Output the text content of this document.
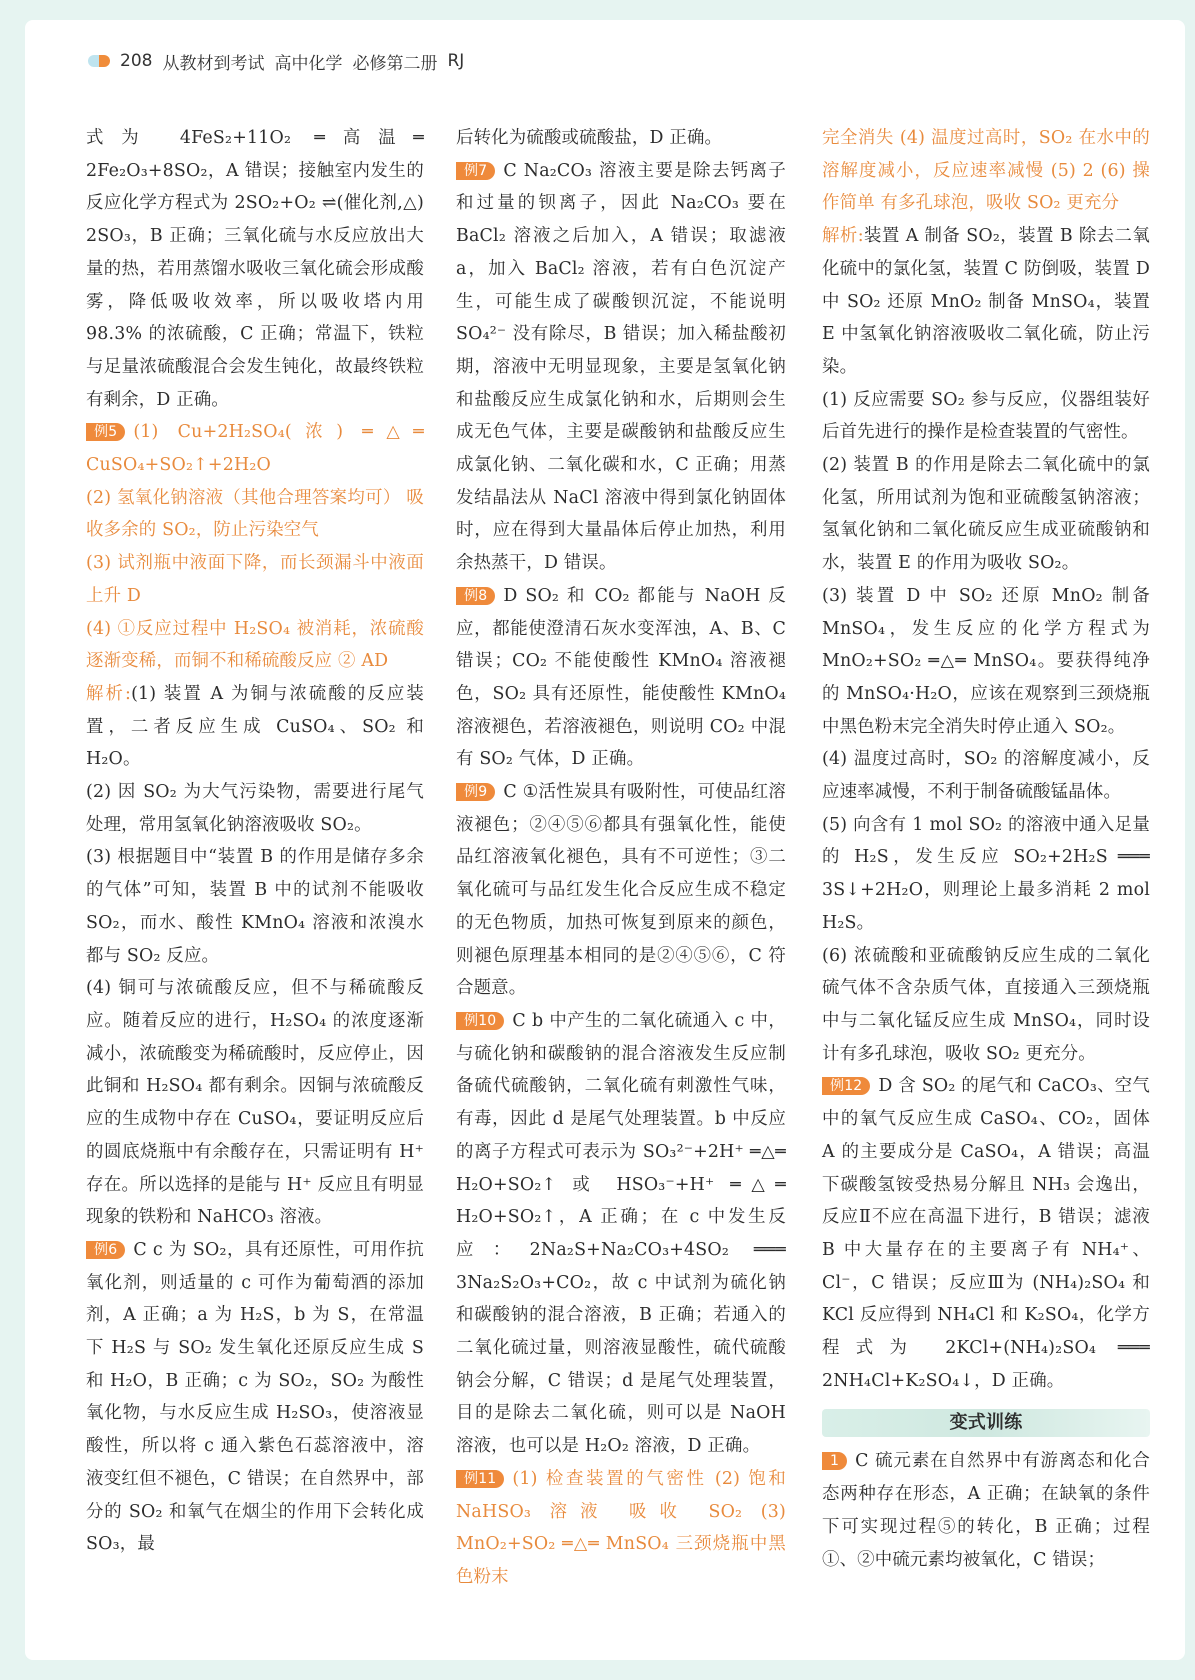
208 从教材到考试 高中化学 必修第二册 RJ

式为 4FeS₂+11O₂ ═高温═ 2Fe₂O₃+8SO₂，A 错误；接触室内发生的反应化学方程式为 2SO₂+O₂ ⇌(催化剂,△) 2SO₃，B 正确；三氧化硫与水反应放出大量的热，若用蒸馏水吸收三氧化硫会形成酸雾，降低吸收效率，所以吸收塔内用 98.3% 的浓硫酸，C 正确；常温下，铁粒与足量浓硫酸混合会发生钝化，故最终铁粒有剩余，D 正确。

例5 (1) Cu+2H₂SO₄(浓) ═△═ CuSO₄+SO₂↑+2H₂O

(2) 氢氧化钠溶液（其他合理答案均可） 吸收多余的 SO₂，防止污染空气

(3) 试剂瓶中液面下降，而长颈漏斗中液面上升 D

(4) ①反应过程中 H₂SO₄ 被消耗，浓硫酸逐渐变稀，而铜不和稀硫酸反应 ② AD

解析:(1) 装置 A 为铜与浓硫酸的反应装置，二者反应生成 CuSO₄、SO₂ 和 H₂O。

(2) 因 SO₂ 为大气污染物，需要进行尾气处理，常用氢氧化钠溶液吸收 SO₂。

(3) 根据题目中“装置 B 的作用是储存多余的气体”可知，装置 B 中的试剂不能吸收 SO₂，而水、酸性 KMnO₄ 溶液和浓溴水都与 SO₂ 反应。

(4) 铜可与浓硫酸反应，但不与稀硫酸反应。随着反应的进行，H₂SO₄ 的浓度逐渐减小，浓硫酸变为稀硫酸时，反应停止，因此铜和 H₂SO₄ 都有剩余。因铜与浓硫酸反应的生成物中存在 CuSO₄，要证明反应后的圆底烧瓶中有余酸存在，只需证明有 H⁺ 存在。所以选择的是能与 H⁺ 反应且有明显现象的铁粉和 NaHCO₃ 溶液。

例6 C c 为 SO₂，具有还原性，可用作抗氧化剂，则适量的 c 可作为葡萄酒的添加剂，A 正确；a 为 H₂S，b 为 S，在常温下 H₂S 与 SO₂ 发生氧化还原反应生成 S 和 H₂O，B 正确；c 为 SO₂，SO₂ 为酸性氧化物，与水反应生成 H₂SO₃，使溶液显酸性，所以将 c 通入紫色石蕊溶液中，溶液变红但不褪色，C 错误；在自然界中，部分的 SO₂ 和氧气在烟尘的作用下会转化成 SO₃，最

后转化为硫酸或硫酸盐，D 正确。

例7 C Na₂CO₃ 溶液主要是除去钙离子和过量的钡离子，因此 Na₂CO₃ 要在 BaCl₂ 溶液之后加入，A 错误；取滤液 a，加入 BaCl₂ 溶液，若有白色沉淀产生，可能生成了碳酸钡沉淀，不能说明 SO₄²⁻ 没有除尽，B 错误；加入稀盐酸初期，溶液中无明显现象，主要是氢氧化钠和盐酸反应生成氯化钠和水，后期则会生成无色气体，主要是碳酸钠和盐酸反应生成氯化钠、二氧化碳和水，C 正确；用蒸发结晶法从 NaCl 溶液中得到氯化钠固体时，应在得到大量晶体后停止加热，利用余热蒸干，D 错误。

例8 D SO₂ 和 CO₂ 都能与 NaOH 反应，都能使澄清石灰水变浑浊，A、B、C 错误；CO₂ 不能使酸性 KMnO₄ 溶液褪色，SO₂ 具有还原性，能使酸性 KMnO₄ 溶液褪色，若溶液褪色，则说明 CO₂ 中混有 SO₂ 气体，D 正确。

例9 C ①活性炭具有吸附性，可使品红溶液褪色；②④⑤⑥都具有强氧化性，能使品红溶液氧化褪色，具有不可逆性；③二氧化硫可与品红发生化合反应生成不稳定的无色物质，加热可恢复到原来的颜色，则褪色原理基本相同的是②④⑤⑥，C 符合题意。

例10 C b 中产生的二氧化硫通入 c 中，与硫化钠和碳酸钠的混合溶液发生反应制备硫代硫酸钠，二氧化硫有刺激性气味，有毒，因此 d 是尾气处理装置。b 中反应的离子方程式可表示为 SO₃²⁻+2H⁺ ═△═ H₂O+SO₂↑ 或 HSO₃⁻+H⁺ ═△═ H₂O+SO₂↑，A 正确；在 c 中发生反应：2Na₂S+Na₂CO₃+4SO₂ ═══ 3Na₂S₂O₃+CO₂，故 c 中试剂为硫化钠和碳酸钠的混合溶液，B 正确；若通入的二氧化硫过量，则溶液显酸性，硫代硫酸钠会分解，C 错误；d 是尾气处理装置，目的是除去二氧化硫，则可以是 NaOH 溶液，也可以是 H₂O₂ 溶液，D 正确。

例11 (1) 检查装置的气密性 (2) 饱和 NaHSO₃ 溶液 吸收 SO₂ (3) MnO₂+SO₂ ═△═ MnSO₄ 三颈烧瓶中黑色粉末

完全消失 (4) 温度过高时，SO₂ 在水中的溶解度减小，反应速率减慢 (5) 2 (6) 操作简单 有多孔球泡，吸收 SO₂ 更充分

解析:装置 A 制备 SO₂，装置 B 除去二氧化硫中的氯化氢，装置 C 防倒吸，装置 D 中 SO₂ 还原 MnO₂ 制备 MnSO₄，装置 E 中氢氧化钠溶液吸收二氧化硫，防止污染。

(1) 反应需要 SO₂ 参与反应，仪器组装好后首先进行的操作是检查装置的气密性。

(2) 装置 B 的作用是除去二氧化硫中的氯化氢，所用试剂为饱和亚硫酸氢钠溶液；氢氧化钠和二氧化硫反应生成亚硫酸钠和水，装置 E 的作用为吸收 SO₂。

(3) 装置 D 中 SO₂ 还原 MnO₂ 制备 MnSO₄，发生反应的化学方程式为 MnO₂+SO₂ ═△═ MnSO₄。要获得纯净的 MnSO₄·H₂O，应该在观察到三颈烧瓶中黑色粉末完全消失时停止通入 SO₂。

(4) 温度过高时，SO₂ 的溶解度减小，反应速率减慢，不利于制备硫酸锰晶体。

(5) 向含有 1 mol SO₂ 的溶液中通入足量的 H₂S，发生反应 SO₂+2H₂S ═══ 3S↓+2H₂O，则理论上最多消耗 2 mol H₂S。

(6) 浓硫酸和亚硫酸钠反应生成的二氧化硫气体不含杂质气体，直接通入三颈烧瓶中与二氧化锰反应生成 MnSO₄，同时设计有多孔球泡，吸收 SO₂ 更充分。

例12 D 含 SO₂ 的尾气和 CaCO₃、空气中的氧气反应生成 CaSO₄、CO₂，固体 A 的主要成分是 CaSO₄，A 错误；高温下碳酸氢铵受热易分解且 NH₃ 会逸出，反应Ⅱ不应在高温下进行，B 错误；滤液 B 中大量存在的主要离子有 NH₄⁺、Cl⁻，C 错误；反应Ⅲ为 (NH₄)₂SO₄ 和 KCl 反应得到 NH₄Cl 和 K₂SO₄，化学方程式为 2KCl+(NH₄)₂SO₄ ═══ 2NH₄Cl+K₂SO₄↓，D 正确。

变式训练

1 C 硫元素在自然界中有游离态和化合态两种存在形态，A 正确；在缺氧的条件下可实现过程⑤的转化，B 正确；过程①、②中硫元素均被氧化，C 错误；
